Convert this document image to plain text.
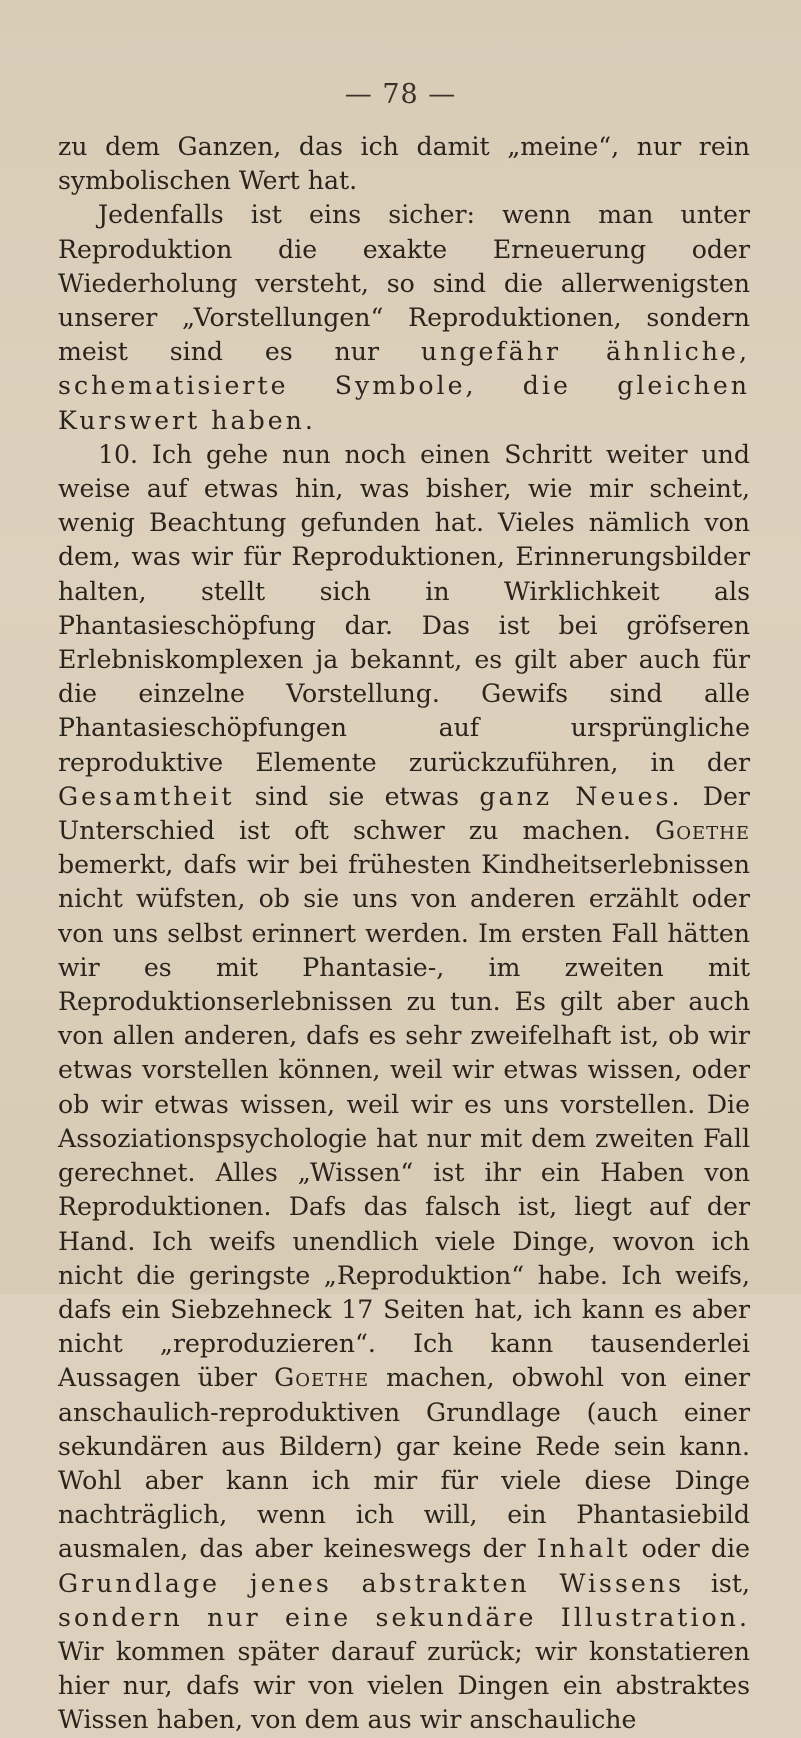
— 78 —

zu dem Ganzen, das ich damit „meine“, nur rein symbolischen Wert hat.

Jedenfalls ist eins sicher: wenn man unter Reproduktion die exakte Erneuerung oder Wiederholung versteht, so sind die allerwenigsten unserer „Vorstellungen“ Reproduktionen, sondern meist sind es nur ungefähr ähnliche, schematisierte Symbole, die gleichen Kurswert haben.

10. Ich gehe nun noch einen Schritt weiter und weise auf etwas hin, was bisher, wie mir scheint, wenig Beachtung gefunden hat. Vieles nämlich von dem, was wir für Reproduktionen, Erinnerungsbilder halten, stellt sich in Wirklichkeit als Phantasieschöpfung dar. Das ist bei gröfseren Erlebniskomplexen ja bekannt, es gilt aber auch für die einzelne Vorstellung. Gewifs sind alle Phantasieschöpfungen auf ursprüngliche reproduktive Elemente zurückzuführen, in der Gesamtheit sind sie etwas ganz Neues. Der Unterschied ist oft schwer zu machen. Goethe bemerkt, dafs wir bei frühesten Kindheitserlebnissen nicht wüfsten, ob sie uns von anderen erzählt oder von uns selbst erinnert werden. Im ersten Fall hätten wir es mit Phantasie-, im zweiten mit Reproduktionserlebnissen zu tun. Es gilt aber auch von allen anderen, dafs es sehr zweifelhaft ist, ob wir etwas vorstellen können, weil wir etwas wissen, oder ob wir etwas wissen, weil wir es uns vorstellen. Die Assoziationspsychologie hat nur mit dem zweiten Fall gerechnet. Alles „Wissen“ ist ihr ein Haben von Reproduktionen. Dafs das falsch ist, liegt auf der Hand. Ich weifs unendlich viele Dinge, wovon ich nicht die geringste „Reproduktion“ habe. Ich weifs, dafs ein Siebzehneck 17 Seiten hat, ich kann es aber nicht „reproduzieren“. Ich kann tausenderlei Aussagen über Goethe machen, obwohl von einer anschaulich-reproduktiven Grundlage (auch einer sekundären aus Bildern) gar keine Rede sein kann. Wohl aber kann ich mir für viele diese Dinge nachträglich, wenn ich will, ein Phantasiebild ausmalen, das aber keineswegs der Inhalt oder die Grundlage jenes abstrakten Wissens ist, sondern nur eine sekundäre Illustration. Wir kommen später darauf zurück; wir konstatieren hier nur, dafs wir von vielen Dingen ein abstraktes Wissen haben, von dem aus wir anschauliche
